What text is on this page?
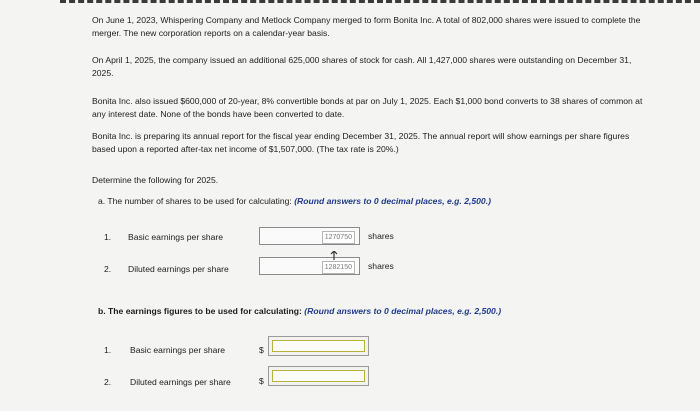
On June 1, 2023, Whispering Company and Metlock Company merged to form Bonita Inc. A total of 802,000 shares were issued to complete the merger. The new corporation reports on a calendar-year basis.

On April 1, 2025, the company issued an additional 625,000 shares of stock for cash. All 1,427,000 shares were outstanding on December 31, 2025.

Bonita Inc. also issued $600,000 of 20-year, 8% convertible bonds at par on July 1, 2025. Each $1,000 bond converts to 38 shares of common at any interest date. None of the bonds have been converted to date.

Bonita Inc. is preparing its annual report for the fiscal year ending December 31, 2025. The annual report will show earnings per share figures based upon a reported after-tax net income of $1,507,000. (The tax rate is 20%.)

Determine the following for 2025.

a. The number of shares to be used for calculating: (Round answers to 0 decimal places, e.g. 2,500.)
1. Basic earnings per share	1270750	shares
2. Diluted earnings per share	1282150	shares
b. The earnings figures to be used for calculating: (Round answers to 0 decimal places, e.g. 2,500.)
1. Basic earnings per share	$
2. Diluted earnings per share	$
